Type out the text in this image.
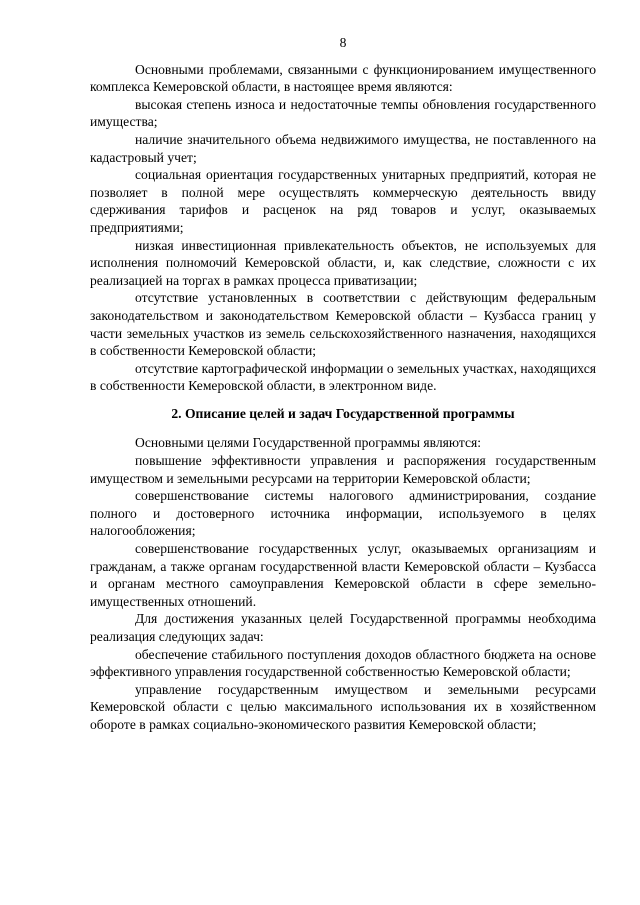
8

Основными проблемами, связанными с функционированием имущественного комплекса Кемеровской области, в настоящее время являются:

высокая степень износа и недостаточные темпы обновления государственного имущества;

наличие значительного объема недвижимого имущества, не поставленного на кадастровый учет;

социальная ориентация государственных унитарных предприятий, которая не позволяет в полной мере осуществлять коммерческую деятельность ввиду сдерживания тарифов и расценок на ряд товаров и услуг, оказываемых предприятиями;

низкая инвестиционная привлекательность объектов, не используемых для исполнения полномочий Кемеровской области, и, как следствие, сложности с их реализацией на торгах в рамках процесса приватизации;

отсутствие установленных в соответствии с действующим федеральным законодательством и законодательством Кемеровской области – Кузбасса границ у части земельных участков из земель сельскохозяйственного назначения, находящихся в собственности Кемеровской области;

отсутствие картографической информации о земельных участках, находящихся в собственности Кемеровской области, в электронном виде.

2. Описание целей и задач Государственной программы

Основными целями Государственной программы являются:

повышение эффективности управления и распоряжения государственным имуществом и земельными ресурсами на территории Кемеровской области;

совершенствование системы налогового администрирования, создание полного и достоверного источника информации, используемого в целях налогообложения;

совершенствование государственных услуг, оказываемых организациям и гражданам, а также органам государственной власти Кемеровской области – Кузбасса и органам местного самоуправления Кемеровской области в сфере земельно-имущественных отношений.

Для достижения указанных целей Государственной программы необходима реализация следующих задач:

обеспечение стабильного поступления доходов областного бюджета на основе эффективного управления государственной собственностью Кемеровской области;

управление государственным имуществом и земельными ресурсами Кемеровской области с целью максимального использования их в хозяйственном обороте в рамках социально-экономического развития Кемеровской области;
